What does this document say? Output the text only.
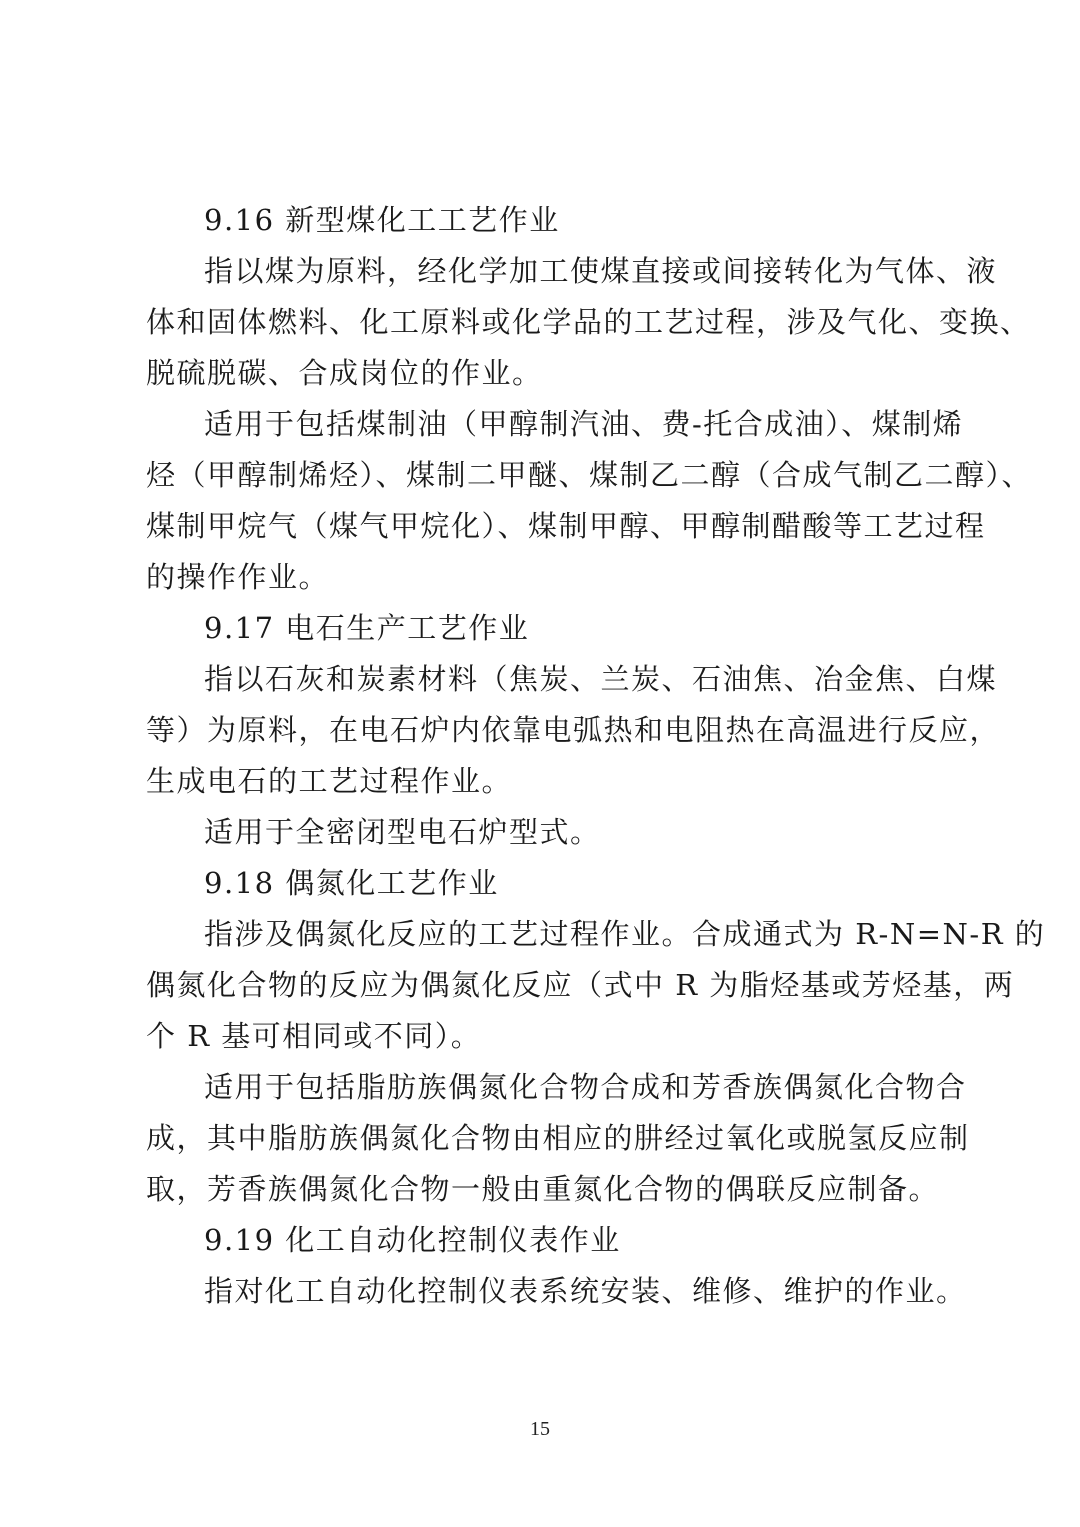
9.16 新型煤化工工艺作业

指以煤为原料，经化学加工使煤直接或间接转化为气体、液

体和固体燃料、化工原料或化学品的工艺过程，涉及气化、变换、

脱硫脱碳、合成岗位的作业。

适用于包括煤制油（甲醇制汽油、费-托合成油）、煤制烯

烃（甲醇制烯烃）、煤制二甲醚、煤制乙二醇（合成气制乙二醇）、

煤制甲烷气（煤气甲烷化）、煤制甲醇、甲醇制醋酸等工艺过程

的操作作业。

9.17 电石生产工艺作业

指以石灰和炭素材料（焦炭、兰炭、石油焦、冶金焦、白煤

等）为原料，在电石炉内依靠电弧热和电阻热在高温进行反应，

生成电石的工艺过程作业。

适用于全密闭型电石炉型式。

9.18 偶氮化工艺作业

指涉及偶氮化反应的工艺过程作业。合成通式为 R-N=N-R 的

偶氮化合物的反应为偶氮化反应（式中 R 为脂烃基或芳烃基，两

个 R 基可相同或不同）。

适用于包括脂肪族偶氮化合物合成和芳香族偶氮化合物合

成，其中脂肪族偶氮化合物由相应的肼经过氧化或脱氢反应制

取，芳香族偶氮化合物一般由重氮化合物的偶联反应制备。

9.19 化工自动化控制仪表作业

指对化工自动化控制仪表系统安装、维修、维护的作业。

15
